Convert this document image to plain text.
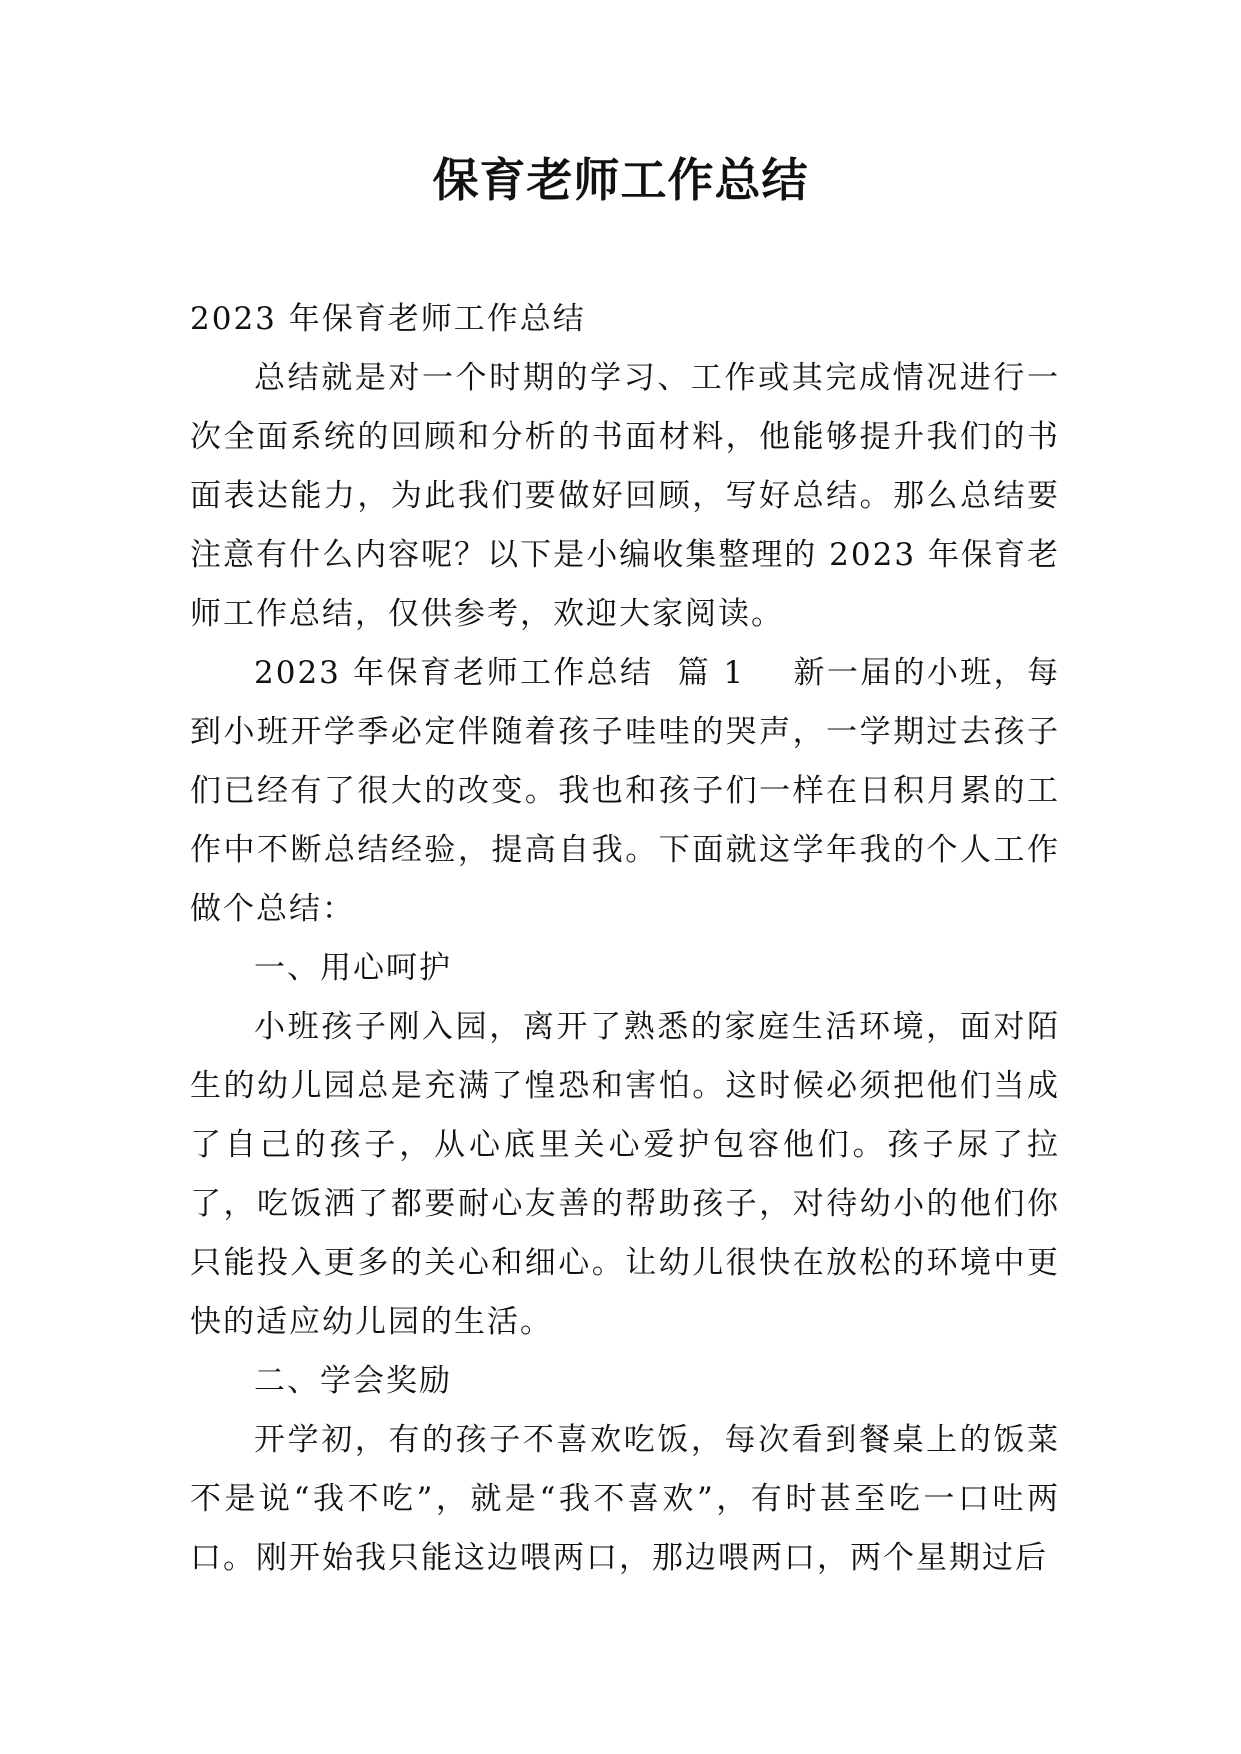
保育老师工作总结

2023 年保育老师工作总结

总结就是对一个时期的学习、工作或其完成情况进行一次全面系统的回顾和分析的书面材料，他能够提升我们的书面表达能力，为此我们要做好回顾，写好总结。那么总结要注意有什么内容呢？以下是小编收集整理的 2023 年保育老师工作总结，仅供参考，欢迎大家阅读。

2023 年保育老师工作总结 篇 1 新一届的小班，每到小班开学季必定伴随着孩子哇哇的哭声，一学期过去孩子们已经有了很大的改变。我也和孩子们一样在日积月累的工作中不断总结经验，提高自我。下面就这学年我的个人工作做个总结：

一、用心呵护

小班孩子刚入园，离开了熟悉的家庭生活环境，面对陌生的幼儿园总是充满了惶恐和害怕。这时候必须把他们当成了自己的孩子，从心底里关心爱护包容他们。孩子尿了拉了，吃饭洒了都要耐心友善的帮助孩子，对待幼小的他们你只能投入更多的关心和细心。让幼儿很快在放松的环境中更快的适应幼儿园的生活。

二、学会奖励

开学初，有的孩子不喜欢吃饭，每次看到餐桌上的饭菜不是说“我不吃”，就是“我不喜欢”，有时甚至吃一口吐两口。刚开始我只能这边喂两口，那边喂两口，两个星期过后
